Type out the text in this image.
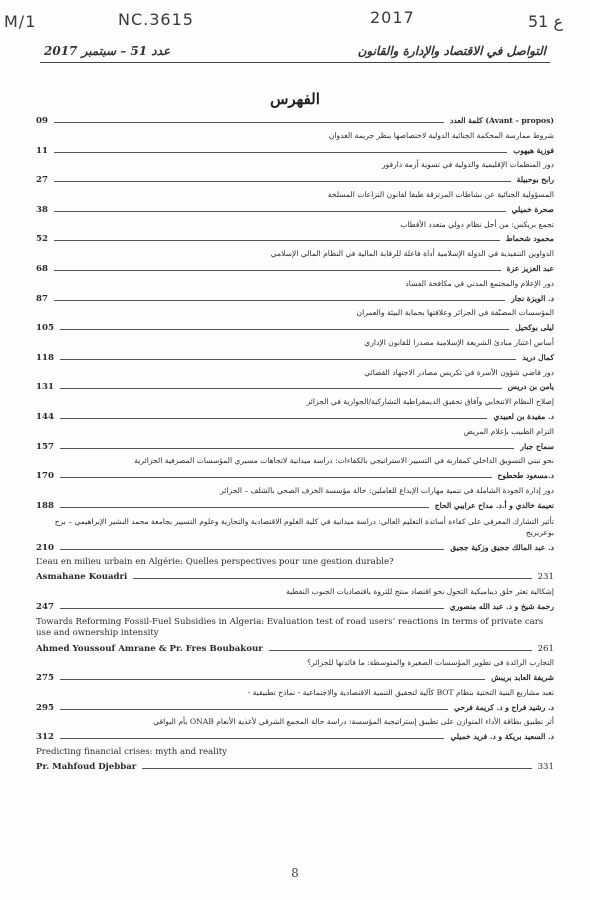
M/1	NC.3615	2017	51 ع
2017 عدد 51 – سبتمبر	التواصل في الاقتصاد والإدارة والقانون
الفهرس
09	كلمة العدد (Avant - propos)
شروط ممارسة المحكمة الجنائية الدولية لاختصاصها بنظر جريمة العدوان
11	فوزية هيهوب
دور المنظمات الإقليمية والدولية في تسوية أزمة دارفور
27	رابح بوحبيلة
المسؤولية الجنائية عن نشاطات المرتزقة طبقا لقانون النزاعات المسلحة
38	صحرة خميلي
تجمع بريكس: من أجل نظام دولي متعدد الأقطاب
52	محمود شحماط
الدواوين التنفيذية في الدولة الإسلامية أداة فاعلة للرقابة المالية في النظام المالي الإسلامي
68	عبد العزيز عزة
دور الإعلام والمجتمع المدني في مكافحة الفساد
87	د. الويزة نجار
المؤسسات المصنّفة في الجزائر وعلاقتها بحماية البيئة والعمران
105	ليلى بوكحيل
أساس اعتبار مبادئ الشريعة الإسلامية مصدرا للقانون الإداري
118	كمال دريد
دور قاضي شؤون الأسرة في تكريس مصادر الاجتهاد القضائي
131	يامن بن دريس
إصلاح النظام الانتخابي وآفاق تحقيق الديمقراطية التشاركية/الجوارية في الجزائر
144	د. مفيدة بن لعبيدي
التزام الطبيب بإعلام المريض
157	سماح جبار
نحو تبني التسويق الداخلي كمقاربة في التسيير الاستراتيجي بالكفاءات: دراسة ميدانية لاتجاهات مسيري المؤسسات المصرفية الجزائرية
170	د.مسعود طحطوح
دور إدارة الجودة الشاملة في تنمية مهارات الإبداع للعاملين: حالة مؤسسة الخزف الصحي بالشلف – الجزائر
188	نعيمة خالدي و أ.د. مداح عرايبي الحاج
تأثير التشارك المعرفي على كفاءة أساتذة التعليم العالي: دراسة ميدانية في كلية العلوم الاقتصادية والتجارية وعلوم التسيير بجامعة محمد البشير الإبراهيمي – برج بوعريريج
210	د. عبد المالك ججيق وزكية ججيق
L’eau en milieu urbain en Algérie: Quelles perspectives pour une gestion durable?
Asmahane Kouadri	231
إشكالية تعثر خلق ديناميكية التحول نحو اقتصاد منتج للثروة باقتصاديات الجنوب النفطية
247	رحمة شيخ و د. عبد الله منصوري
Towards Reforming Fossil-Fuel Subsidies in Algeria: Evaluation test of road users’ reactions in terms of private cars use and ownership intensity
Ahmed Youssouf Amrane & Pr. Fres Boubakour	261
التجارب الرائدة في تطوير المؤسسات الصغيرة والمتوسطة: ما فائدتها للجزائر؟
275	شريفة العابد بريبش
تعبد مشاريع البنية التحتية بنظام BOT كآلية لتحقيق التنمية الاقتصادية والاجتماعية - نماذج تطبيقية -
295	د. رشيد فراح و د. كريمة فرحي
أثر تطبيق بطاقة الأداء المتوازن على تطبيق إستراتيجية المؤسسة: دراسة حالة المجمع الشرقي لأغذية الأنعام ONAB بأم البواقي
312	د. السعيد بريكة و د. فريد خميلي
Predicting financial crises: myth and reality
Pr. Mahfoud Djebbar	331
8
